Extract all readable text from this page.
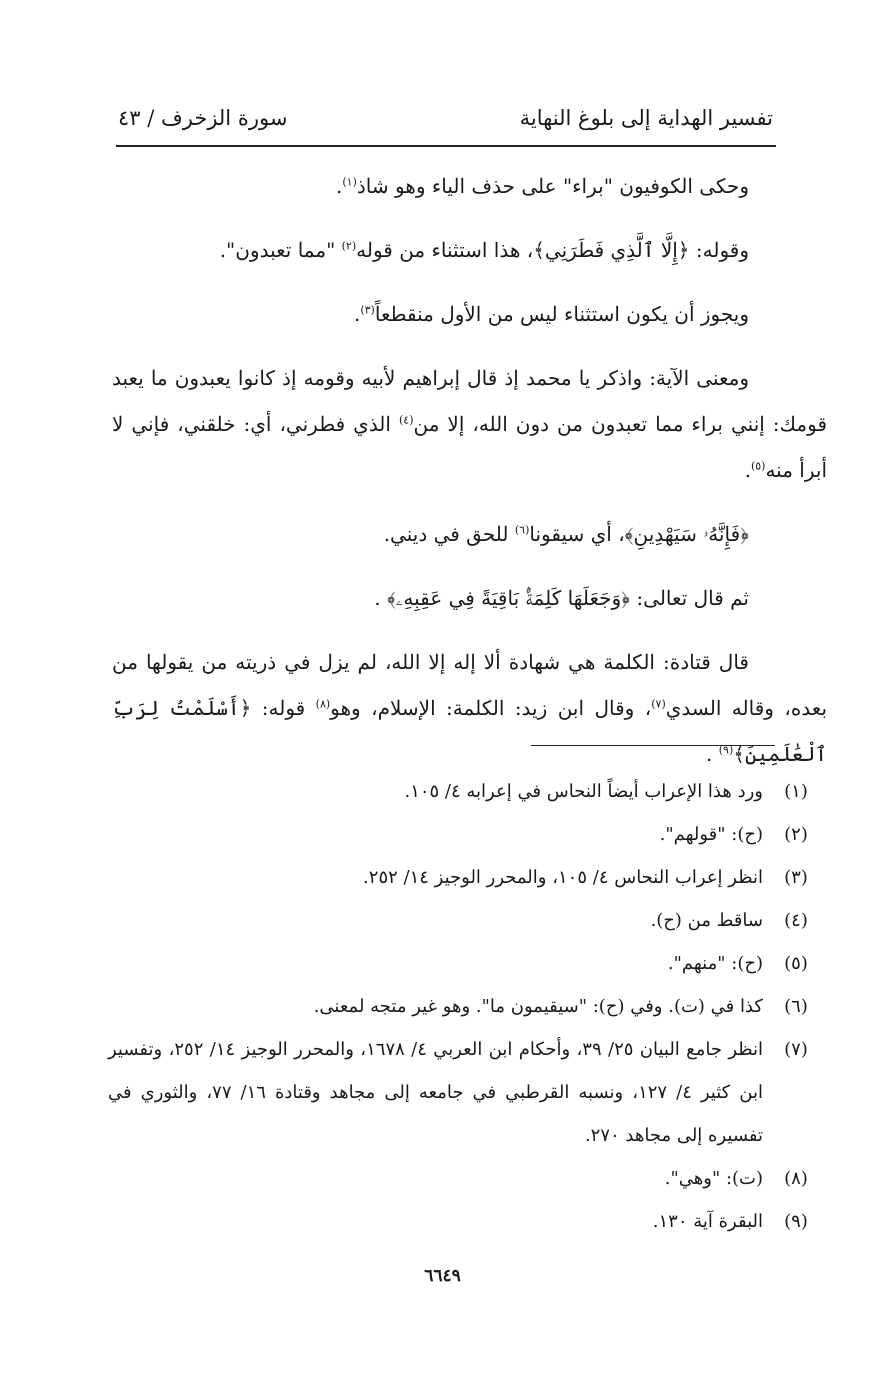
تفسير الهداية إلى بلوغ النهاية
سورة الزخرف / ٤٣

وحكى الكوفيون "براء" على حذف الياء وهو شاذ$^{(١)}$.

وقوله: ﴿إِلَّا ٱلَّذِي فَطَرَنِي﴾، هذا استثناء من قوله$^{(٢)}$ "مما تعبدون".

ويجوز أن يكون استثناء ليس من الأول منقطعاً$^{(٣)}$.

ومعنى الآية: واذكر يا محمد إذ قال إبراهيم لأبيه وقومه إذ كانوا يعبدون ما يعبد قومك: إنني براء مما تعبدون من دون الله، إلا من$^{(٤)}$ الذي فطرني، أي: خلقني، فإني لا أبرأ منه$^{(٥)}$.

﴿فَإِنَّهُۥ سَيَهْدِينِ﴾، أي سيقونا$^{(٦)}$ للحق في ديني.

ثم قال تعالى: ﴿وَجَعَلَهَا كَلِمَةًۢ بَاقِيَةً فِي عَقِبِهِۦ﴾ .

قال قتادة: الكلمة هي شهادة ألا إله إلا الله، لم يزل في ذريته من يقولها من بعده، وقاله السدي$^{(٧)}$، وقال ابن زيد: الكلمة: الإسلام، وهو$^{(٨)}$ قوله: ﴿أَسْلَمْتُ لِرَبِّ ٱلْعَٰلَمِينَ﴾$^{(٩)}$ .

(١)
ورد هذا الإعراب أيضاً النحاس في إعرابه ٤/ ١٠٥.
(٢)
(ح): "قولهم".
(٣)
انظر إعراب النحاس ٤/ ١٠٥، والمحرر الوجيز ١٤/ ٢٥٢.
(٤)
ساقط من (ح).
(٥)
(ح): "منهم".
(٦)
كذا في (ت). وفي (ح): "سيقيمون ما". وهو غير متجه لمعنى.
(٧)
انظر جامع البيان ٢٥/ ٣٩، وأحكام ابن العربي ٤/ ١٦٧٨، والمحرر الوجيز ١٤/ ٢٥٢، وتفسير ابن كثير ٤/ ١٢٧، ونسبه القرطبي في جامعه إلى مجاهد وقتادة ١٦/ ٧٧، والثوري في تفسيره إلى مجاهد ٢٧٠.
(٨)
(ت): "وهي".
(٩)
البقرة آية ١٣٠.
٦٦٤٩
